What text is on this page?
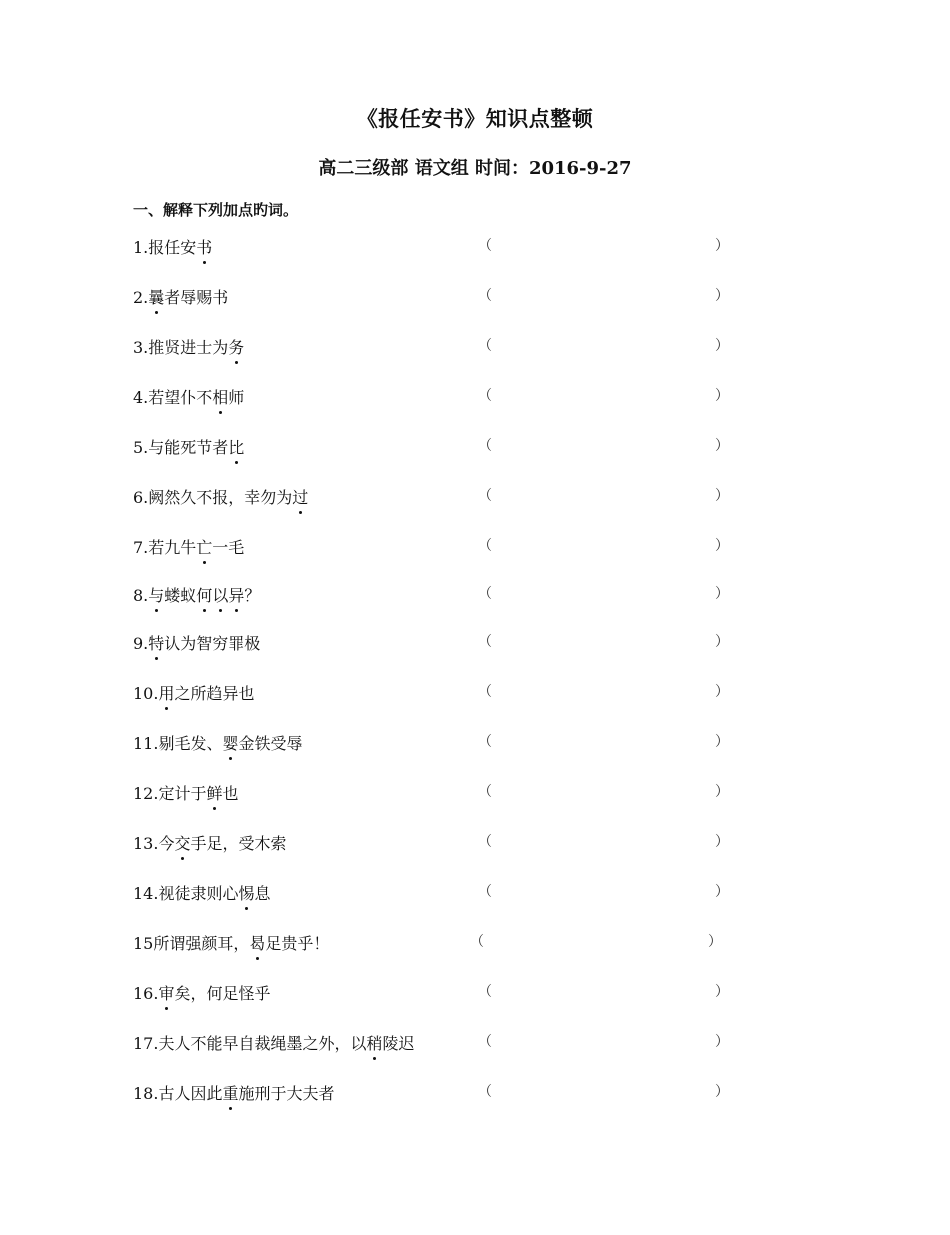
《报任安书》知识点整顿
高二三级部 语文组 时间：2016-9-27
一、解释下列加点旳词。
1.报任安书	（	）
2.曩者辱赐书	（	）
3.推贤进士为务	（	）
4.若望仆不相师	（	）
5.与能死节者比	（	）
6.阙然久不报，幸勿为过	（	）
7.若九牛亡一毛	（	）
8.与蝼蚁何以异？	（	）
9.特认为智穷罪极	（	）
10.用之所趋异也	（	）
11.剔毛发、婴金铁受辱	（	）
12.定计于鲜也	（	）
13.今交手足，受木索	（	）
14.视徒隶则心惕息	（	）
15所谓强颜耳，曷足贵乎！	（	）
16.审矣，何足怪乎	（	）
17.夫人不能早自裁绳墨之外，以稍陵迟	（	）
18.古人因此重施刑于大夫者	（	）
